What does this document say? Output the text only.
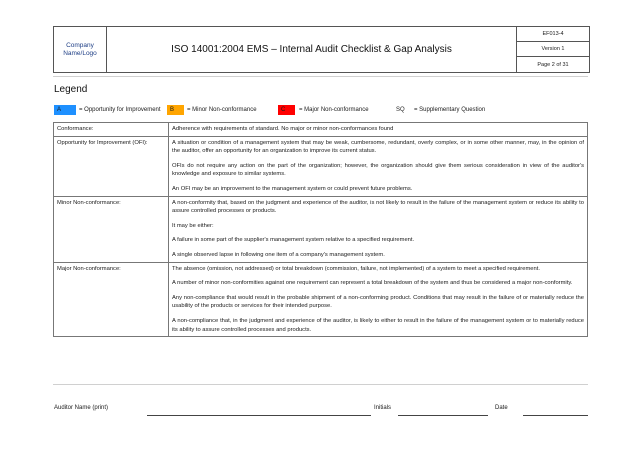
Company Name/Logo	ISO 14001:2004 EMS – Internal Audit Checklist & Gap Analysis
EF013-4
Version 1
Page 2 of 31
Legend
A	= Opportunity for Improvement	B	= Minor Non-conformance	C	= Major Non-conformance	SQ = Supplementary Question
Conformance:	Adherence with requirements of standard. No major or minor non-conformances found

Opportunity for Improvement (OFI):	A situation or condition of a management system that may be weak, cumbersome, redundant, overly complex, or in some other manner, may, in the opinion of the auditor, offer an opportunity for an organization to improve its current status.

OFIs do not require any action on the part of the organization; however, the organization should give them serious consideration in view of the auditor's knowledge and exposure to similar systems.

An OFI may be an improvement to the management system or could prevent future problems.

Minor Non-conformance:	A non-conformity that, based on the judgment and experience of the auditor, is not likely to result in the failure of the management system or reduce its ability to assure controlled processes or products.

It may be either:

A failure in some part of the supplier's management system relative to a specified requirement.

A single observed lapse in following one item of a company's management system.

Major Non-conformance:	The absence (omission, not addressed) or total breakdown (commission, failure, not implemented) of a system to meet a specified requirement.

A number of minor non-conformities against one requirement can represent a total breakdown of the system and thus be considered a major non-conformity.

Any non-compliance that would result in the probable shipment of a non-conforming product. Conditions that may result in the failure of or materially reduce the usability of the products or services for their intended purpose.

A non-compliance that, in the judgment and experience of the auditor, is likely to either to result in the failure of the management system or to materially reduce its ability to assure controlled processes and products.

Auditor Name (print)	Initials	Date
